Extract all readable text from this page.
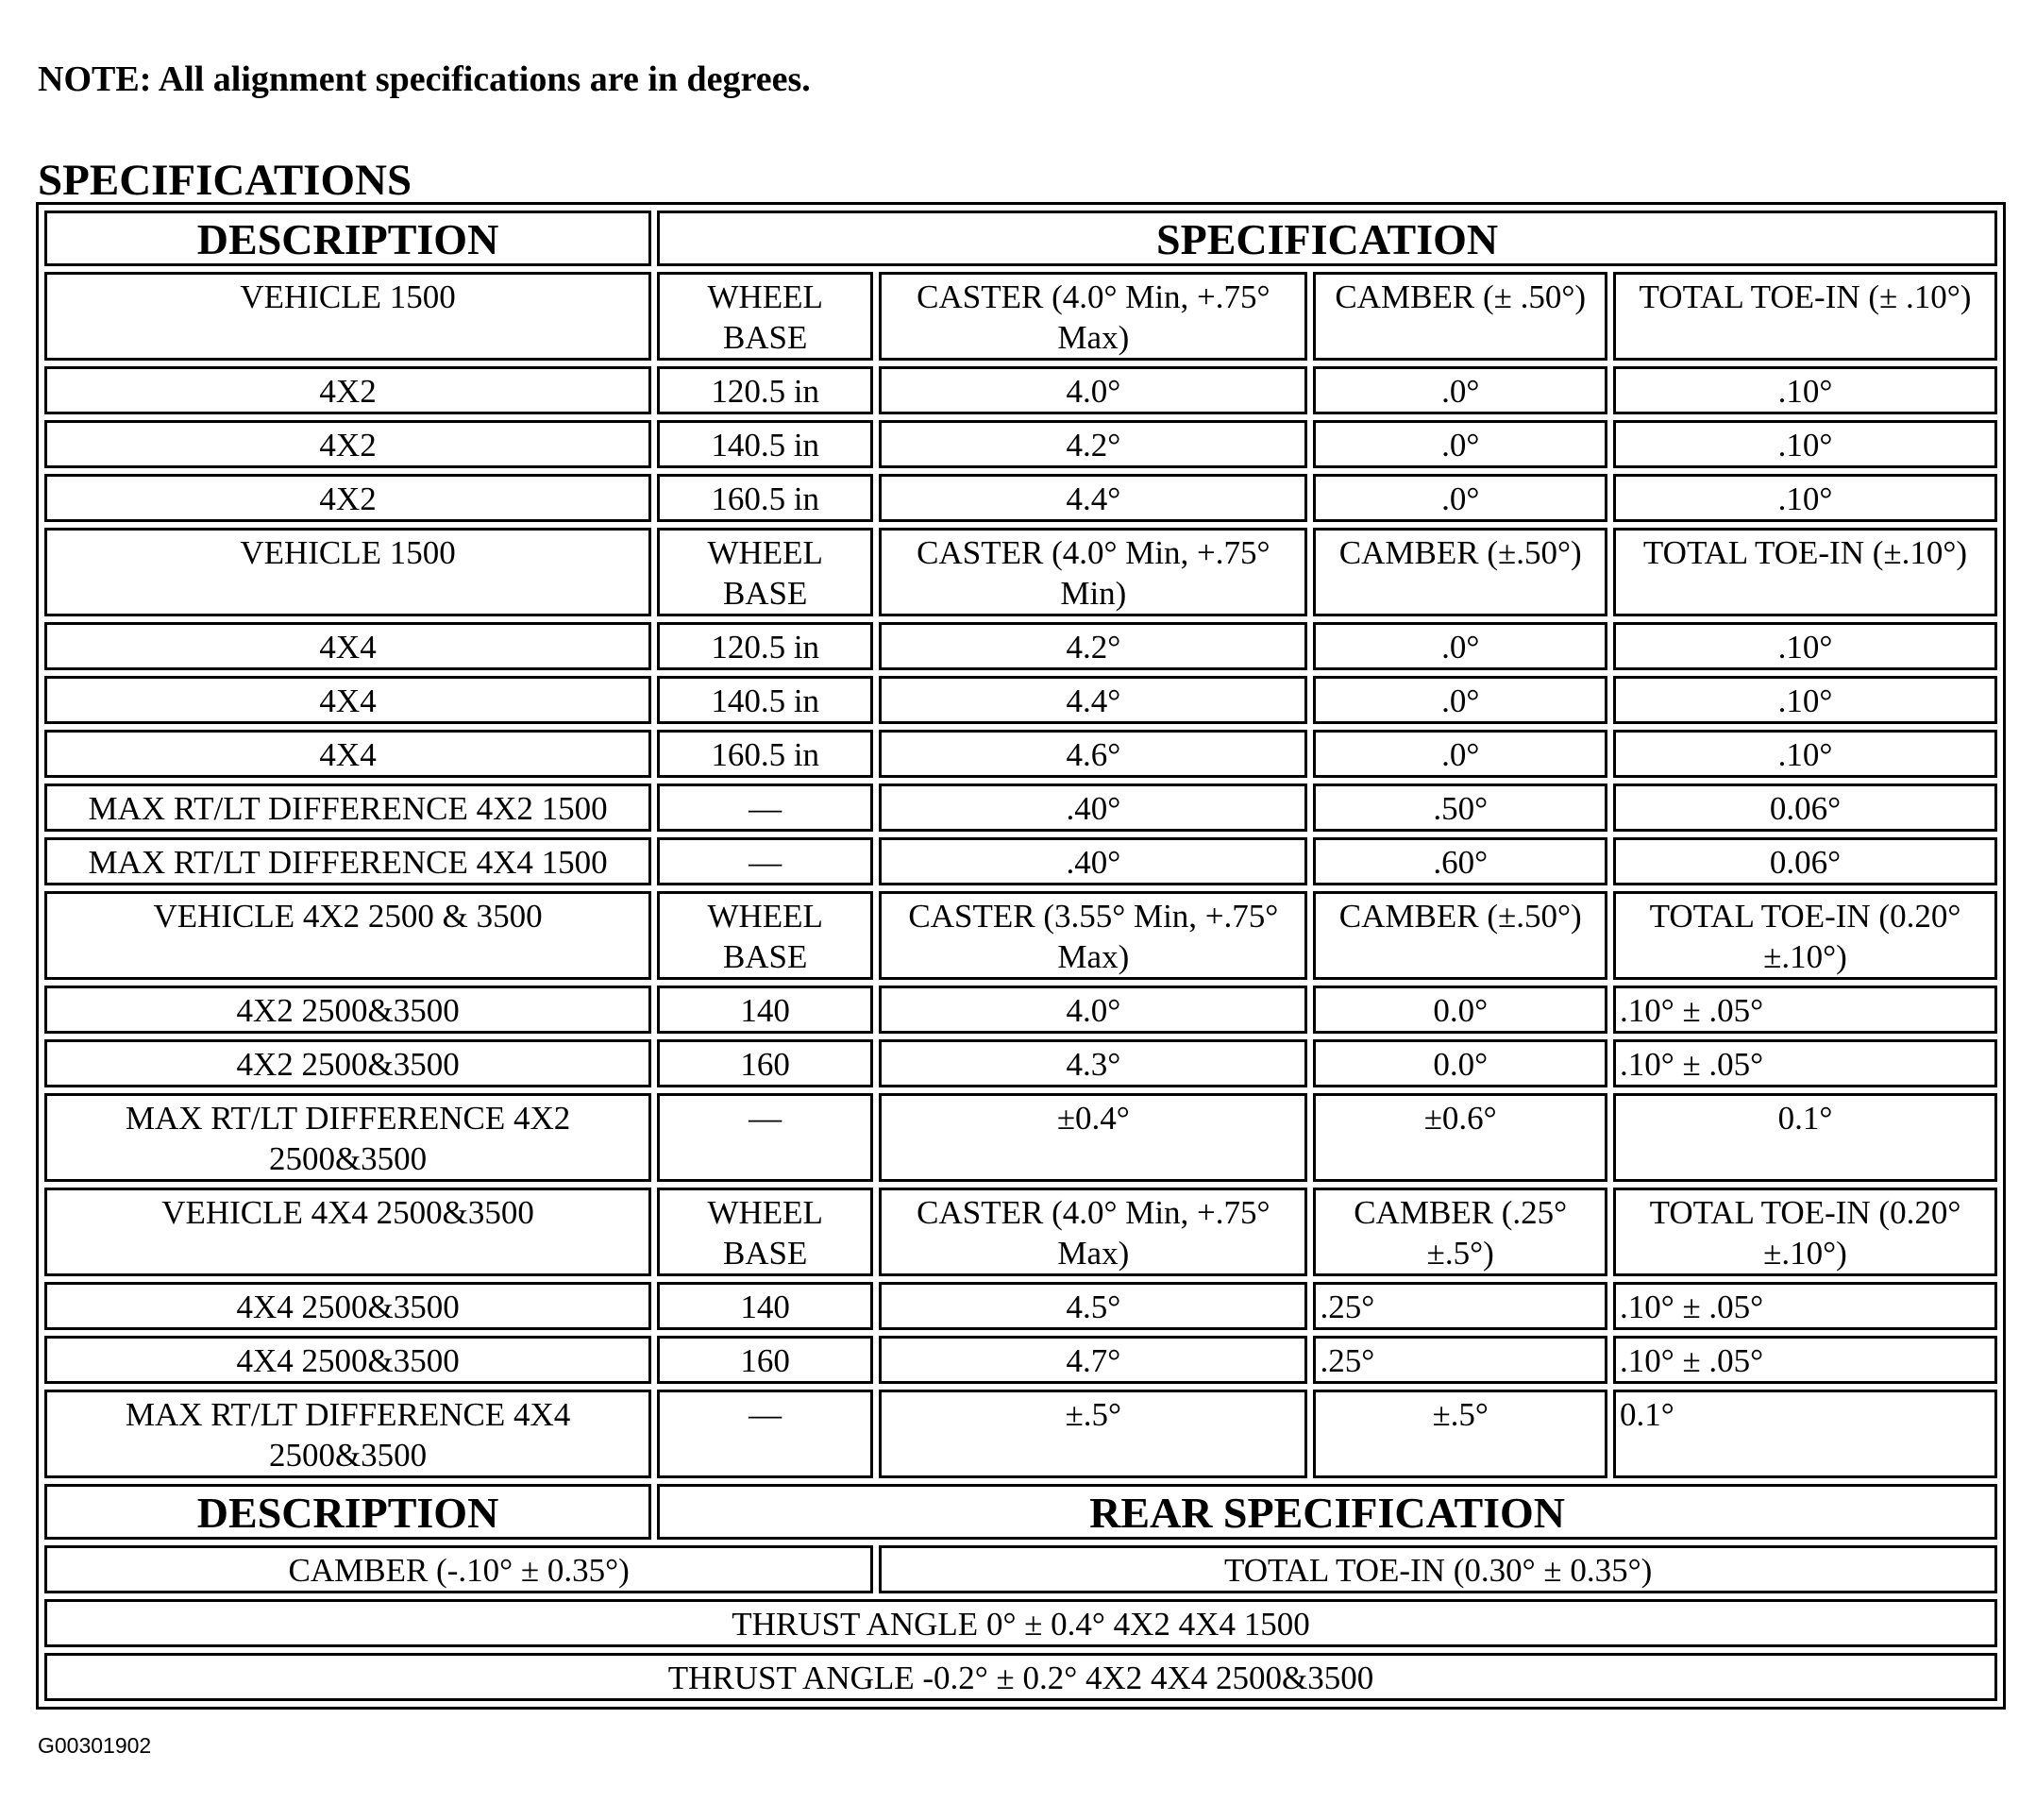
NOTE: All alignment specifications are in degrees.

SPECIFICATIONS
DESCRIPTION	SPECIFICATION			
VEHICLE 1500	WHEEL BASE	CASTER (4.0° Min, +.75° Max)	CAMBER (± .50°)	TOTAL TOE-IN (± .10°)
4X2	120.5 in	4.0°	.0°	.10°
4X2	140.5 in	4.2°	.0°	.10°
4X2	160.5 in	4.4°	.0°	.10°
VEHICLE 1500	WHEEL BASE	CASTER (4.0° Min, +.75° Min)	CAMBER (±.50°)	TOTAL TOE-IN (±.10°)
4X4	120.5 in	4.2°	.0°	.10°
4X4	140.5 in	4.4°	.0°	.10°
4X4	160.5 in	4.6°	.0°	.10°
MAX RT/LT DIFFERENCE 4X2 1500	—	.40°	.50°	0.06°
MAX RT/LT DIFFERENCE 4X4 1500	—	.40°	.60°	0.06°
VEHICLE 4X2 2500 & 3500	WHEEL BASE	CASTER (3.55° Min, +.75° Max)	CAMBER (±.50°)	TOTAL TOE-IN (0.20° ±.10°)
4X2 2500&3500	140	4.0°	0.0°	.10° ± .05°
4X2 2500&3500	160	4.3°	0.0°	.10° ± .05°
MAX RT/LT DIFFERENCE 4X2 2500&3500	—	±0.4°	±0.6°	0.1°
VEHICLE 4X4 2500&3500	WHEEL BASE	CASTER (4.0° Min, +.75° Max)	CAMBER (.25° ±.5°)	TOTAL TOE-IN (0.20° ±.10°)
4X4 2500&3500	140	4.5°	.25°	.10° ± .05°
4X4 2500&3500	160	4.7°	.25°	.10° ± .05°
MAX RT/LT DIFFERENCE 4X4 2500&3500	—	±.5°	±.5°	0.1°
DESCRIPTION	REAR SPECIFICATION			
CAMBER (-.10° ± 0.35°)		TOTAL TOE-IN (0.30° ± 0.35°)		
THRUST ANGLE 0° ± 0.4° 4X2 4X4 1500				
THRUST ANGLE -0.2° ± 0.2° 4X2 4X4 2500&3500				

G00301902
